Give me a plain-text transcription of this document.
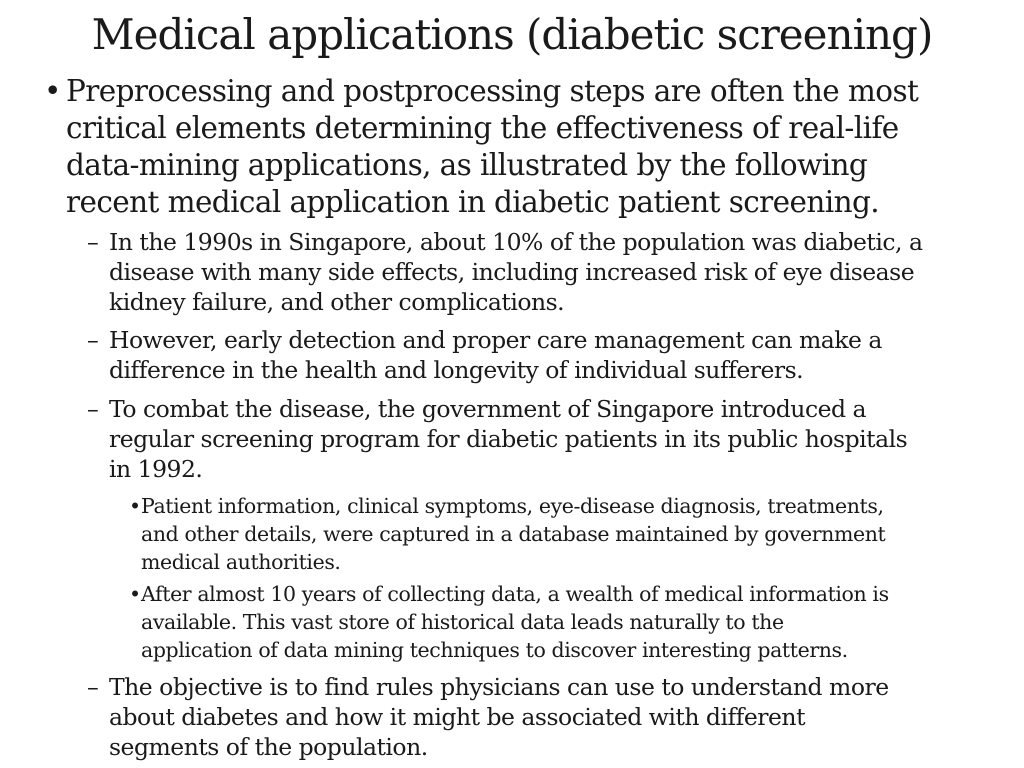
Medical applications (diabetic screening)
• Preprocessing and postprocessing steps are often the most
critical elements determining the effectiveness of real-life
data-mining applications, as illustrated by the following
recent medical application in diabetic patient screening.
– In the 1990s in Singapore, about 10% of the population was diabetic, a
disease with many side effects, including increased risk of eye disease
kidney failure, and other complications.
– However, early detection and proper care management can make a
difference in the health and longevity of individual sufferers.
– To combat the disease, the government of Singapore introduced a
regular screening program for diabetic patients in its public hospitals
in 1992.
• Patient information, clinical symptoms, eye-disease diagnosis, treatments,
and other details, were captured in a database maintained by government
medical authorities.
• After almost 10 years of collecting data, a wealth of medical information is
available. This vast store of historical data leads naturally to the
application of data mining techniques to discover interesting patterns.
– The objective is to find rules physicians can use to understand more
about diabetes and how it might be associated with different
segments of the population.
